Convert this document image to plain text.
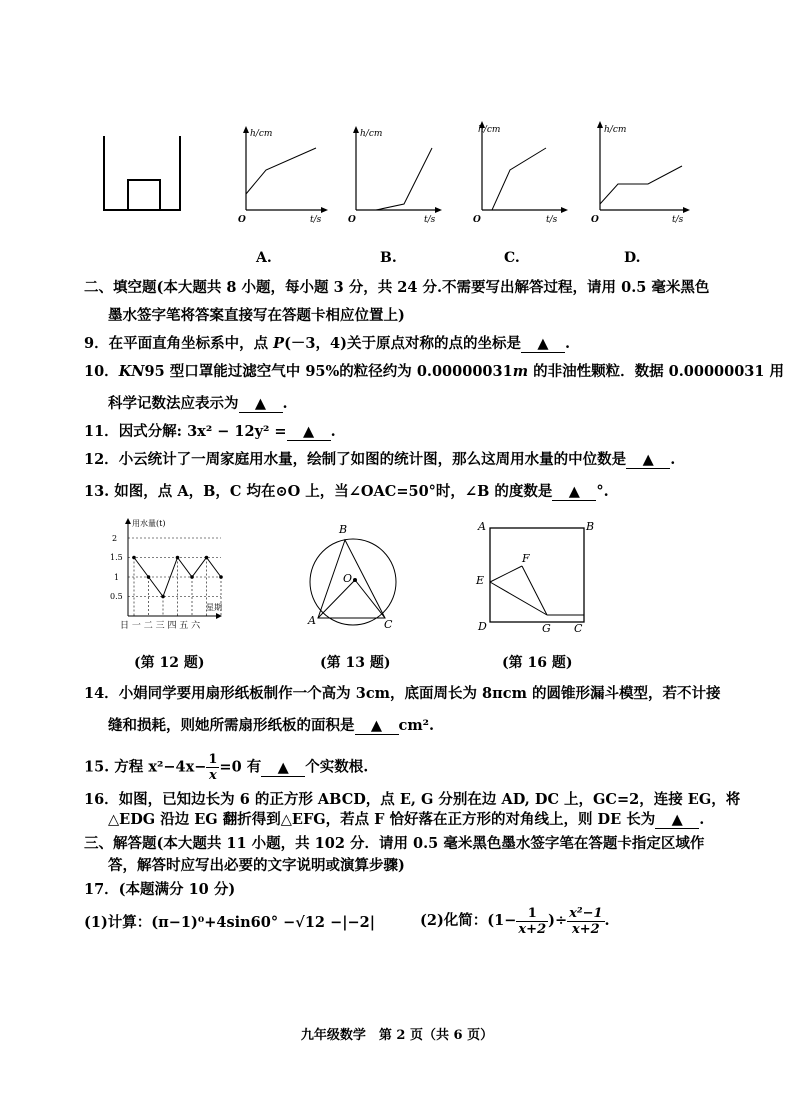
h/cm
O	t/s
h/cm
O	t/s
h/cm
O	t/s
h/cm
O	t/s
A.	B.	C.	D.
二、填空题(本大题共 8 小题，每小题 3 分，共 24 分.不需要写出解答过程，请用 0.5 毫米黑色
墨水签字笔将答案直接写在答题卡相应位置上)
9．在平面直角坐标系中，点 P(－3，4)关于原点对称的点的坐标是 ▲ .
10．KN95 型口罩能过滤空气中 95%的粒径约为 0.00000031m 的非油性颗粒．数据 0.00000031 用
科学记数法应表示为 ▲ .
11．因式分解: 3x² − 12y² = ▲ .
12．小云统计了一周家庭用水量，绘制了如图的统计图，那么这周用水量的中位数是 ▲ .
13. 如图，点 A，B，C 均在⊙O 上，当∠OAC=50°时，∠B 的度数是 ▲ °.
用水量(t)
星期
2
1.5
1
0.5
日 一 二 三 四 五 六
(第 12 题)
B
O
A	C
(第 13 题)
A	B
F
E
D	G C
(第 16 题)
14．小娟同学要用扇形纸板制作一个高为 3cm，底面周长为 8πcm 的圆锥形漏斗模型，若不计接
缝和损耗，则她所需扇形纸板的面积是 ▲ cm².
15. 方程 $x^2-4x- \frac{1}{x} =0$ 有 ▲ 个实数根.
16．如图，已知边长为 6 的正方形 ABCD，点 E, G 分别在边 AD, DC 上，GC=2，连接 EG，将
△EDG 沿边 EG 翻折得到△EFG，若点 F 恰好落在正方形的对角线上，则 DE 长为 ▲ .
三、解答题(本大题共 11 小题，共 102 分．请用 0.5 毫米黑色墨水签字笔在答题卡指定区域作
答，解答时应写出必要的文字说明或演算步骤)
17．(本题满分 10 分)
(1)计算：(π−1)⁰+4sin60° −√12 −|−2|	(2)化简：($1- \frac{1}{x+2}$ )÷ $\frac{\text{x²−1}}{x+2}$ .
九年级数学　第 2 页（共 6 页）
